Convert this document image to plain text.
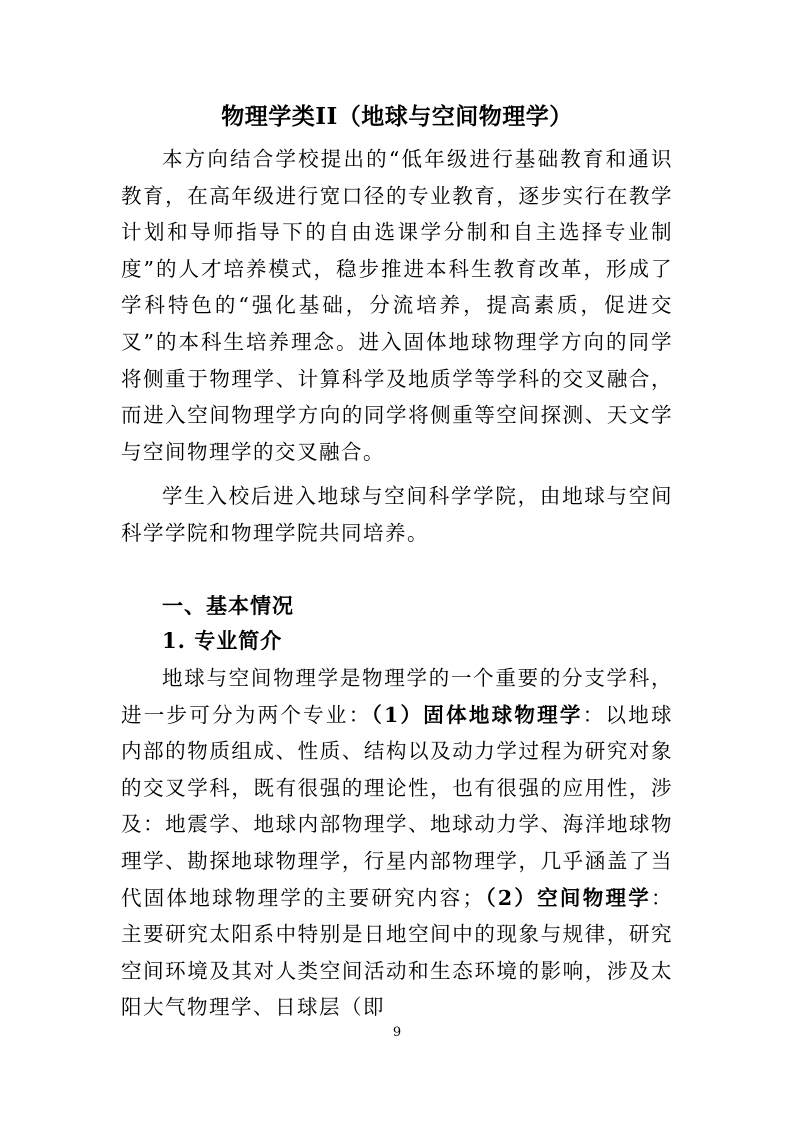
物理学类II（地球与空间物理学）

本方向结合学校提出的“低年级进行基础教育和通识教育，在高年级进行宽口径的专业教育，逐步实行在教学计划和导师指导下的自由选课学分制和自主选择专业制度”的人才培养模式，稳步推进本科生教育改革，形成了学科特色的“强化基础，分流培养，提高素质，促进交叉”的本科生培养理念。进入固体地球物理学方向的同学将侧重于物理学、计算科学及地质学等学科的交叉融合，而进入空间物理学方向的同学将侧重等空间探测、天文学与空间物理学的交叉融合。

学生入校后进入地球与空间科学学院，由地球与空间科学学院和物理学院共同培养。

一、基本情况
1. 专业简介

地球与空间物理学是物理学的一个重要的分支学科，进一步可分为两个专业：（1）固体地球物理学：以地球内部的物质组成、性质、结构以及动力学过程为研究对象的交叉学科，既有很强的理论性，也有很强的应用性，涉及：地震学、地球内部物理学、地球动力学、海洋地球物理学、勘探地球物理学，行星内部物理学，几乎涵盖了当代固体地球物理学的主要研究内容；（2）空间物理学：主要研究太阳系中特别是日地空间中的现象与规律，研究空间环境及其对人类空间活动和生态环境的影响，涉及太阳大气物理学、日球层（即

9
